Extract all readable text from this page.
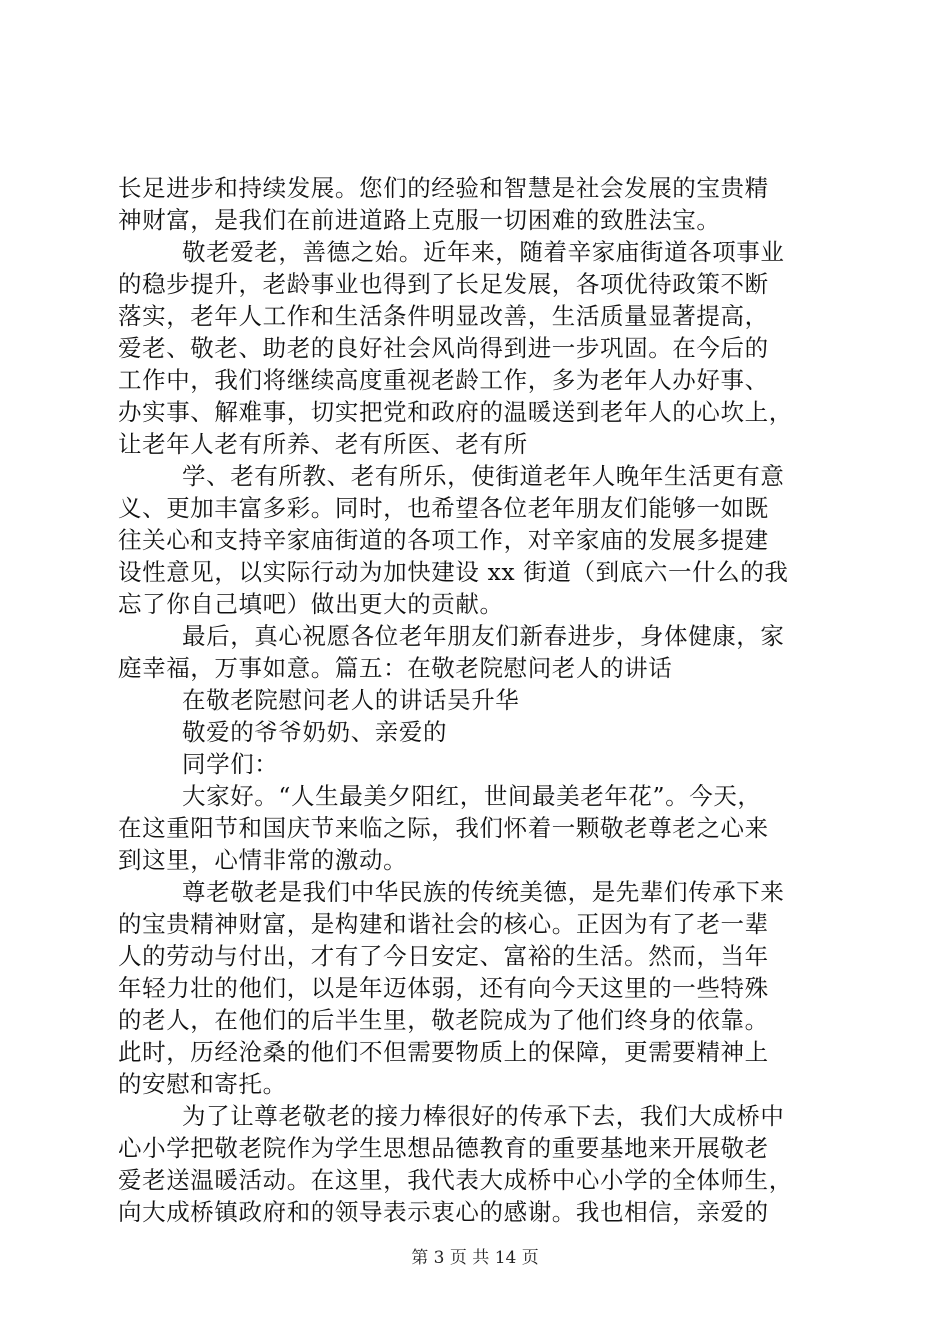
长足进步和持续发展。您们的经验和智慧是社会发展的宝贵精
神财富，是我们在前进道路上克服一切困难的致胜法宝。
敬老爱老，善德之始。近年来，随着辛家庙街道各项事业
的稳步提升，老龄事业也得到了长足发展，各项优待政策不断
落实，老年人工作和生活条件明显改善，生活质量显著提高，
爱老、敬老、助老的良好社会风尚得到进一步巩固。在今后的
工作中，我们将继续高度重视老龄工作，多为老年人办好事、
办实事、解难事，切实把党和政府的温暖送到老年人的心坎上，
让老年人老有所养、老有所医、老有所
学、老有所教、老有所乐，使街道老年人晚年生活更有意
义、更加丰富多彩。同时，也希望各位老年朋友们能够一如既
往关心和支持辛家庙街道的各项工作，对辛家庙的发展多提建
设性意见，以实际行动为加快建设 xx 街道（到底六一什么的我
忘了你自己填吧）做出更大的贡献。
最后，真心祝愿各位老年朋友们新春进步，身体健康，家
庭幸福，万事如意。篇五：在敬老院慰问老人的讲话
在敬老院慰问老人的讲话吴升华
敬爱的爷爷奶奶、亲爱的
同学们：
大家好。“人生最美夕阳红，世间最美老年花”。今天，
在这重阳节和国庆节来临之际，我们怀着一颗敬老尊老之心来
到这里，心情非常的激动。
尊老敬老是我们中华民族的传统美德，是先辈们传承下来
的宝贵精神财富，是构建和谐社会的核心。正因为有了老一辈
人的劳动与付出，才有了今日安定、富裕的生活。然而，当年
年轻力壮的他们，以是年迈体弱，还有向今天这里的一些特殊
的老人，在他们的后半生里，敬老院成为了他们终身的依靠。
此时，历经沧桑的他们不但需要物质上的保障，更需要精神上
的安慰和寄托。
为了让尊老敬老的接力棒很好的传承下去，我们大成桥中
心小学把敬老院作为学生思想品德教育的重要基地来开展敬老
爱老送温暖活动。在这里，我代表大成桥中心小学的全体师生，
向大成桥镇政府和的领导表示衷心的感谢。我也相信，亲爱的
第 3 页 共 14 页
